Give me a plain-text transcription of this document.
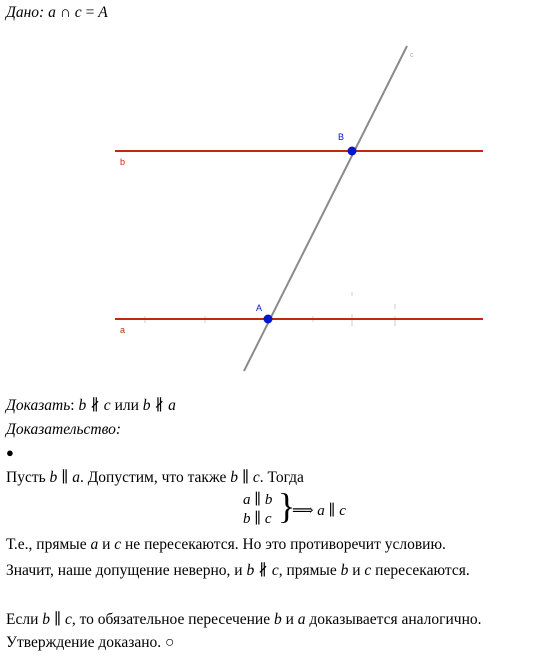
Дано: a ∩ c = A
b
a
c
B
A
Доказать: b ∦ c или b ∦ a
Доказательство:
●
Пусть b ∥ a. Допустим, что также b ∥ c. Тогда
a ∥ b
b ∥ c }
⟹ a ∥ c
Т.е., прямые a и c не пересекаются. Но это противоречит условию.
Значит, наше допущение неверно, и b ∦ c, прямые b и c пересекаются.
Если b ∥ c, то обязательное пересечение b и a доказывается аналогично.
Утверждение доказано. ○
